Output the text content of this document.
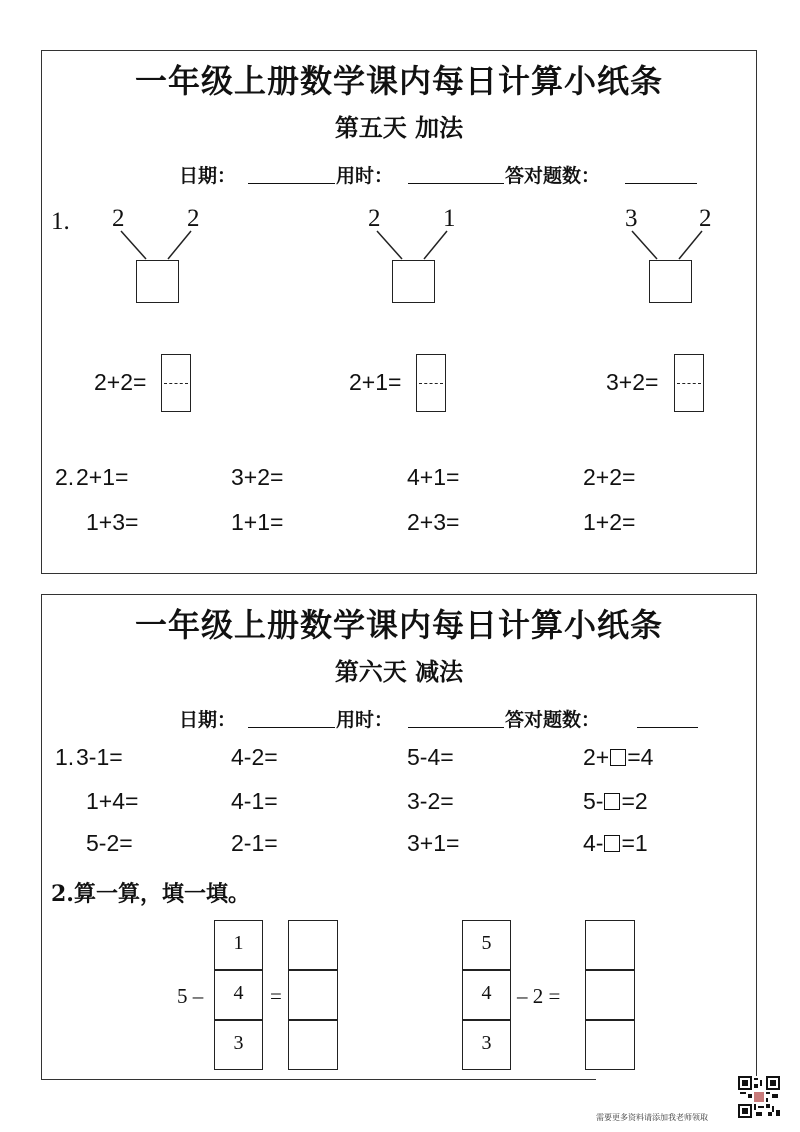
一年级上册数学课内每日计算小纸条
第五天 加法
日期：	用时：	答对题数：
1. 2	2
2+2=
2	1
2+1=
3 2
3+2=
2. 2+1=	3+2=	4+1=	2+2=
1+3=	1+1=	2+3=	1+2=
一年级上册数学课内每日计算小纸条
第六天 减法
日期：	用时：	答对题数：
1. 3-1=	4-2=	5-4=	2+ =4
1+4=	4-1=	3-2=	5- =2
5-2=	2-1=	3+1=	4- =1
2.算一算，填一填。
5 –
1
4
3
=
5
4
3
– 2 =
需要更多资料请添加我老师领取
